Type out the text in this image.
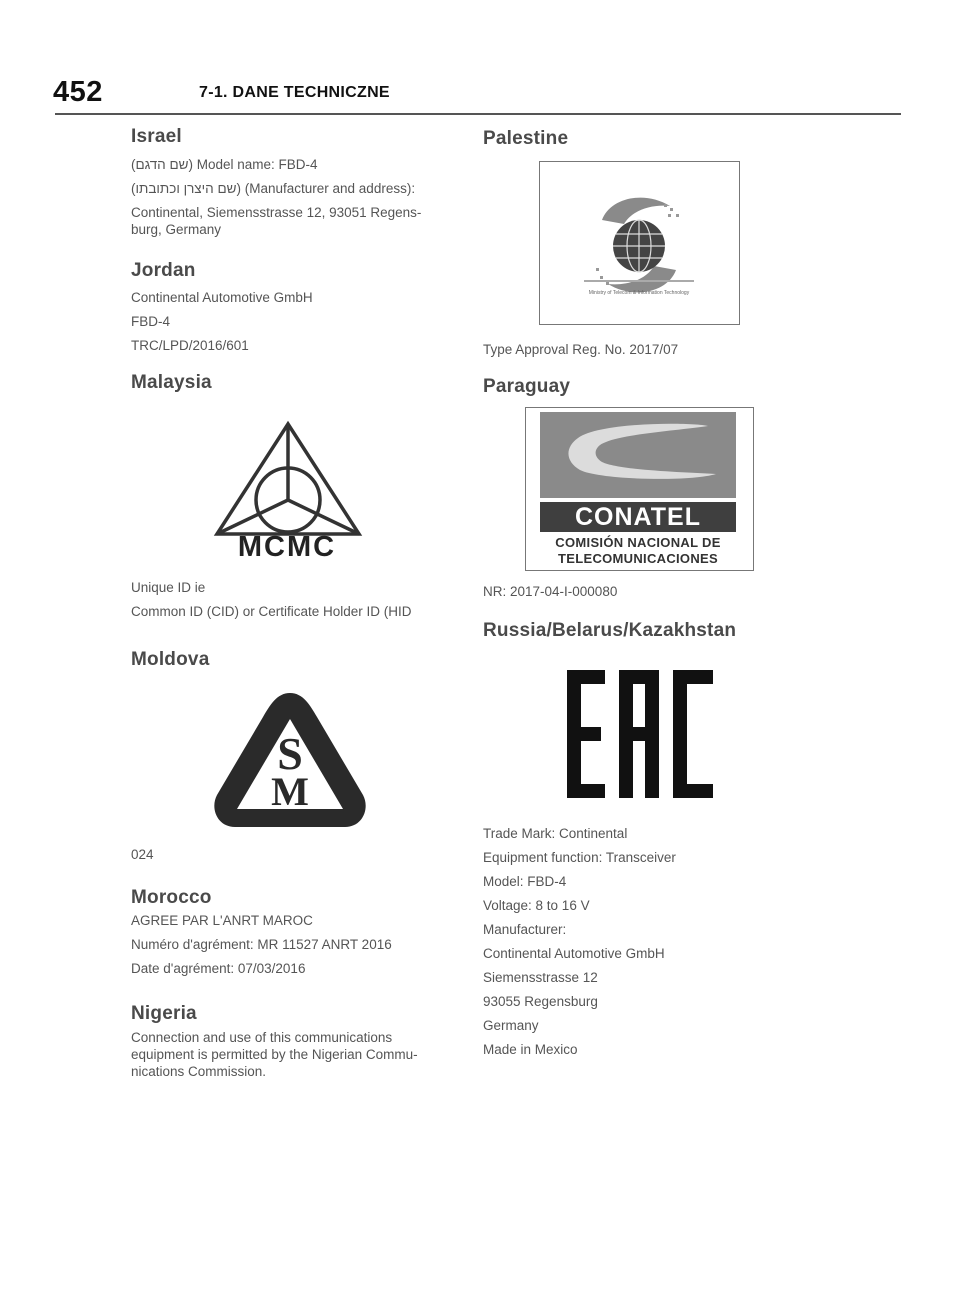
452	7-1. DANE TECHNICZNE
Israel

(שם הדגם) Model name: FBD-4

(שם היצרן וכתובתו) (Manufacturer and address):

Continental, Siemensstrasse 12, 93051 Regens-burg, Germany

Jordan
Continental Automotive GmbH
FBD-4
TRC/LPD/2016/601
Malaysia
MCMC
Unique ID ie
Common ID (CID) or Certificate Holder ID (HID
Moldova
S
M
024
Morocco
AGREE PAR L'ANRT MAROC
Numéro d'agrément: MR 11527 ANRT 2016
Date d'agrément: 07/03/2016
Nigeria

Connection and use of this communications equipment is permitted by the Nigerian Commu-nications Commission.

Palestine
Ministry of Telecom & Information Technology
Type Approval Reg. No. 2017/07
Paraguay
CONATEL
COMISIÓN NACIONAL DE
TELECOMUNICACIONES
NR: 2017-04-I-000080
Russia/Belarus/Kazakhstan
Trade Mark: Continental
Equipment function: Transceiver
Model: FBD-4
Voltage: 8 to 16 V
Manufacturer:
Continental Automotive GmbH
Siemensstrasse 12
93055 Regensburg
Germany
Made in Mexico
